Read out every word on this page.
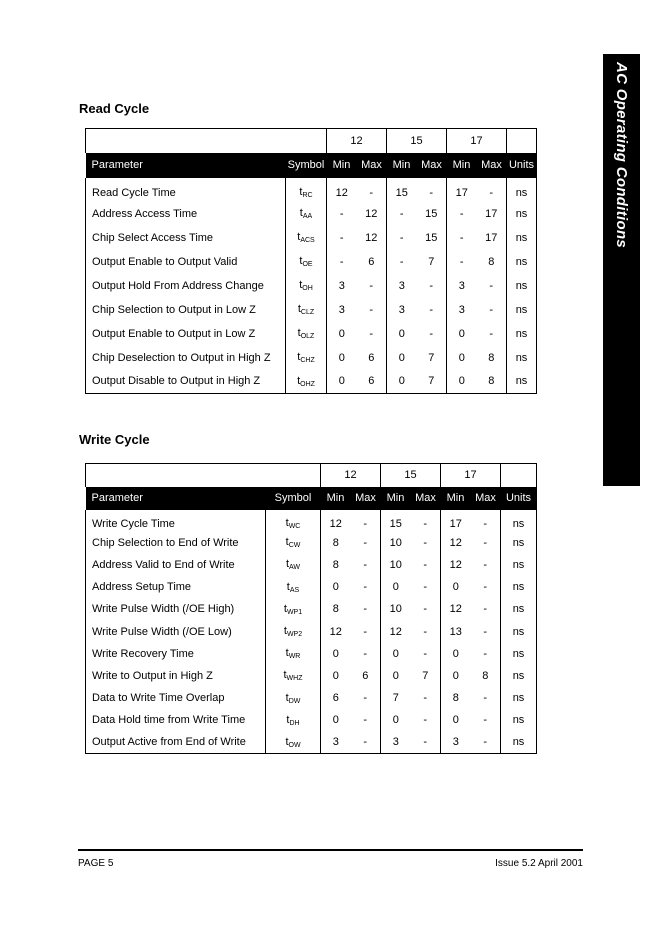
AC Operating Conditions
Read Cycle
		12		15		17		
Parameter	Symbol	Min	Max	Min	Max	Min	Max	Units
Read Cycle Time	$t_{RC}$	12	-	15	-	17	-	ns
Address Access Time	$t_{AA}$	-	12	-	15	-	17	ns
Chip Select Access Time	$t_{ACS}$	-	12	-	15	-	17	ns
Output Enable to Output Valid	$t_{OE}$	-	6	-	7	-	8	ns
Output Hold From Address Change	$t_{OH}$	3	-	3	-	3	-	ns
Chip Selection to Output in Low Z	$t_{CLZ}$	3	-	3	-	3	-	ns
Output Enable to Output in Low Z	$t_{OLZ}$	0	-	0	-	0	-	ns
Chip Deselection to Output in High Z	$t_{CHZ}$	0	6	0	7	0	8	ns
Output Disable to Output in High Z	$t_{OHZ}$	0	6	0	7	0	8	ns
Write Cycle
		12		15		17		
Parameter	Symbol	Min	Max	Min	Max	Min	Max	Units
Write Cycle Time	$t_{WC}$	12	-	15	-	17	-	ns
Chip Selection to End of Write	$t_{CW}$	8	-	10	-	12	-	ns
Address Valid to End of Write	$t_{AW}$	8	-	10	-	12	-	ns
Address Setup Time	$t_{AS}$	0	-	0	-	0	-	ns
Write Pulse Width (/OE High)	$t_{WP1}$	8	-	10	-	12	-	ns
Write Pulse Width (/OE Low)	$t_{WP2}$	12	-	12	-	13	-	ns
Write Recovery Time	$t_{WR}$	0	-	0	-	0	-	ns
Write to Output in High Z	$t_{WHZ}$	0	6	0	7	0	8	ns
Data to Write Time Overlap	$t_{DW}$	6	-	7	-	8	-	ns
Data Hold time from Write Time	$t_{DH}$	0	-	0	-	0	-	ns
Output Active from End of Write	$t_{OW}$	3	-	3	-	3	-	ns
PAGE 5	Issue 5.2 April 2001
